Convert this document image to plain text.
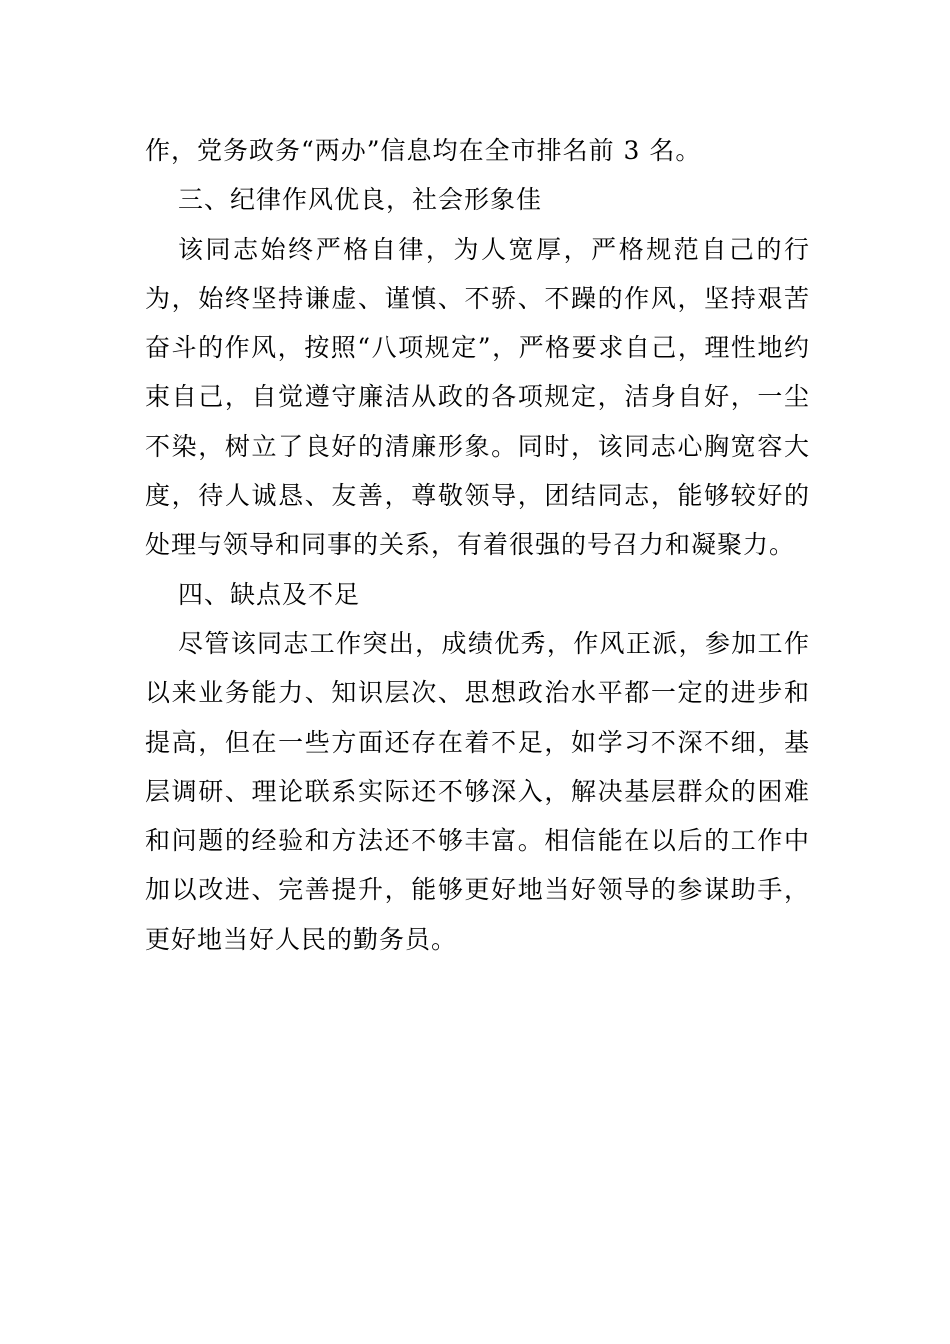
作，党务政务“两办”信息均在全市排名前 3 名。

三、纪律作风优良，社会形象佳

该同志始终严格自律，为人宽厚，严格规范自己的行为，始终坚持谦虚、谨慎、不骄、不躁的作风，坚持艰苦奋斗的作风，按照“八项规定”，严格要求自己，理性地约束自己，自觉遵守廉洁从政的各项规定，洁身自好，一尘不染，树立了良好的清廉形象。同时，该同志心胸宽容大度，待人诚恳、友善，尊敬领导，团结同志，能够较好的处理与领导和同事的关系，有着很强的号召力和凝聚力。

四、缺点及不足

尽管该同志工作突出，成绩优秀，作风正派，参加工作以来业务能力、知识层次、思想政治水平都一定的进步和提高，但在一些方面还存在着不足，如学习不深不细，基层调研、理论联系实际还不够深入，解决基层群众的困难和问题的经验和方法还不够丰富。相信能在以后的工作中加以改进、完善提升，能够更好地当好领导的参谋助手，更好地当好人民的勤务员。
